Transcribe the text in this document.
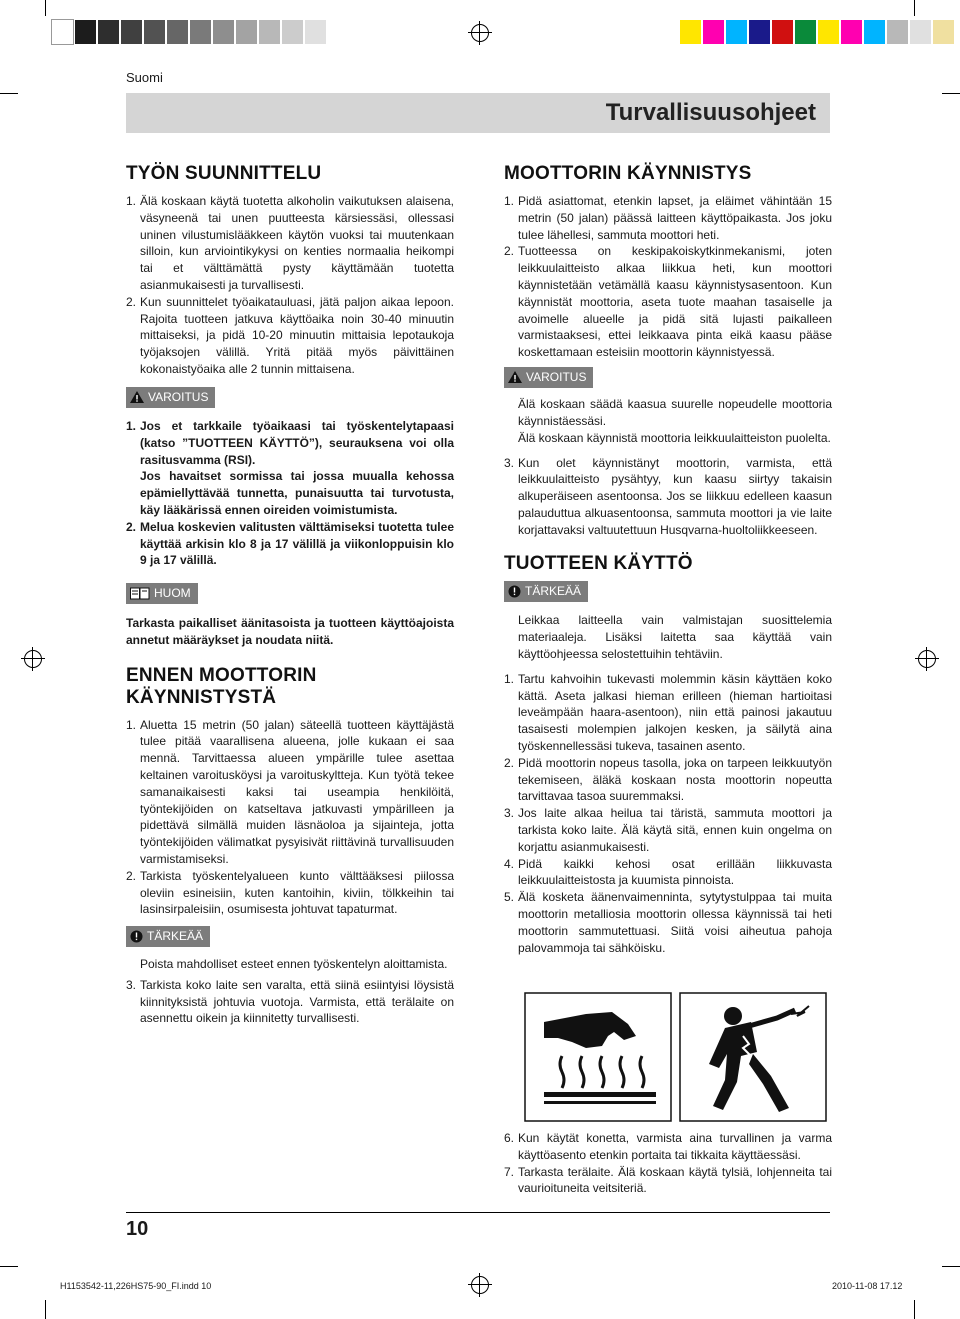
Suomi
Turvallisuusohjeet
TYÖN SUUNNITTELU
1. Älä koskaan käytä tuotetta alkoholin vaikutuksen alaisena, väsyneenä tai unen puutteesta kärsiessäsi, ollessasi uninen vilustumislääkkeen käytön vuoksi tai muutenkaan silloin, kun arviointikykysi on kenties normaalia heikompi tai et välttämättä pysty käyttämään tuotetta asianmukaisesti ja turvallisesti.
2. Kun suunnittelet työaikatauluasi, jätä paljon aikaa lepoon. Rajoita tuotteen jatkuva käyttöaika noin 30-40 minuutin mittaiseksi, ja pidä 10-20 minuutin mittaisia lepotaukoja työjaksojen välillä. Yritä pitää myös päivittäinen kokonaistyöaika alle 2 tunnin mittaisena.
VAROITUS
1. Jos et tarkkaile työaikaasi tai työskentelytapaasi (katso ”TUOTTEEN KÄYTTÖ”), seurauksena voi olla rasitusvamma (RSI).
Jos havaitset sormissa tai jossa muualla kehossa epämiellyttävää tunnetta, punaisuutta tai turvotusta, käy lääkärissä ennen oireiden voimistumista.
2. Melua koskevien valitusten välttämiseksi tuotetta tulee käyttää arkisin klo 8 ja 17 välillä ja viikonloppuisin klo 9 ja 17 välillä.
HUOM

Tarkasta paikalliset äänitasoista ja tuotteen käyttöajoista annetut määräykset ja noudata niitä.

ENNEN MOOTTORIN KÄYNNISTYSTÄ
1. Aluetta 15 metrin (50 jalan) säteellä tuotteen käyttäjästä tulee pitää vaarallisena alueena, jolle kukaan ei saa mennä. Tarvittaessa alueen ympärille tulee asettaa keltainen varoitusköysi ja varoituskyltteja. Kun työtä tekee samanaikaisesti kaksi tai useampia henkilöitä, työntekijöiden on katseltava jatkuvasti ympärilleen ja pidettävä silmällä muiden läsnäoloa ja sijainteja, jotta työntekijöiden välimatkat pysyisivät riittävinä turvallisuuden varmistamiseksi.
2. Tarkista työskentelyalueen kunto välttääksesi piilossa oleviin esineisiin, kuten kantoihin, kiviin, tölkkeihin tai lasinsirpaleisiin, osumisesta johtuvat tapaturmat.
TÄRKEÄÄ

Poista mahdolliset esteet ennen työskentelyn aloittamista.

3. Tarkista koko laite sen varalta, että siinä esiintyisi löysistä kiinnityksistä johtuvia vuotoja. Varmista, että terälaite on asennettu oikein ja kiinnitetty turvallisesti.
MOOTTORIN KÄYNNISTYS
1. Pidä asiattomat, etenkin lapset, ja eläimet vähintään 15 metrin (50 jalan) päässä laitteen käyttöpaikasta. Jos joku tulee lähellesi, sammuta moottori heti.
2. Tuotteessa on keskipakoiskytkinmekanismi, joten leikkuulaitteisto alkaa liikkua heti, kun moottori käynnistetään vetämällä kaasu käynnistysasentoon. Kun käynnistät moottoria, aseta tuote maahan tasaiselle ja avoimelle alueelle ja pidä sitä lujasti paikalleen varmistaaksesi, ettei leikkaava pinta eikä kaasu pääse koskettamaan esteisiin moottorin käynnistyessä.
VAROITUS

Älä koskaan säädä kaasua suurelle nopeudelle moottoria käynnistäessäsi.

Älä koskaan käynnistä moottoria leikkuulaitteiston puolelta.

3. Kun olet käynnistänyt moottorin, varmista, että leikkuulaitteisto pysähtyy, kun kaasu siirtyy takaisin alkuperäiseen asentoonsa. Jos se liikkuu edelleen kaasun palauduttua alkuasentoonsa, sammuta moottori ja vie laite korjattavaksi valtuutettuun Husqvarna-huoltoliikkeeseen.
TUOTTEEN KÄYTTÖ
TÄRKEÄÄ

Leikkaa laitteella vain valmistajan suosittelemia materiaaleja. Lisäksi laitetta saa käyttää vain käyttöohjeessa selostettuihin tehtäviin.

1. Tartu kahvoihin tukevasti molemmin käsin käyttäen koko kättä. Aseta jalkasi hieman erilleen (hieman hartioitasi leveämpään haara-asentoon), niin että painosi jakautuu tasaisesti molempien jalkojen kesken, ja säilytä aina työskennellessäsi tukeva, tasainen asento.
2. Pidä moottorin nopeus tasolla, joka on tarpeen leikkuutyön tekemiseen, äläkä koskaan nosta moottorin nopeutta tarvittavaa tasoa suuremmaksi.
3. Jos laite alkaa heilua tai täristä, sammuta moottori ja tarkista koko laite. Älä käytä sitä, ennen kuin ongelma on korjattu asianmukaisesti.
4. Pidä kaikki kehosi osat erillään liikkuvasta leikkuulaitteistosta ja kuumista pinnoista.
5. Älä kosketa äänenvaimenninta, sytytystulppaa tai muita moottorin metalliosia moottorin ollessa käynnissä tai heti moottorin sammutettuasi. Siitä voisi aiheutua pahoja palovammoja tai sähköisku.
6. Kun käytät konetta, varmista aina turvallinen ja varma käyttöasento etenkin portaita tai tikkaita käyttäessäsi.
7. Tarkasta terälaite. Älä koskaan käytä tylsiä, lohjenneita tai vaurioituneita veitsiteriä.
10
H1153542-11,226HS75-90_FI.indd 10	2010-11-08 17.12
